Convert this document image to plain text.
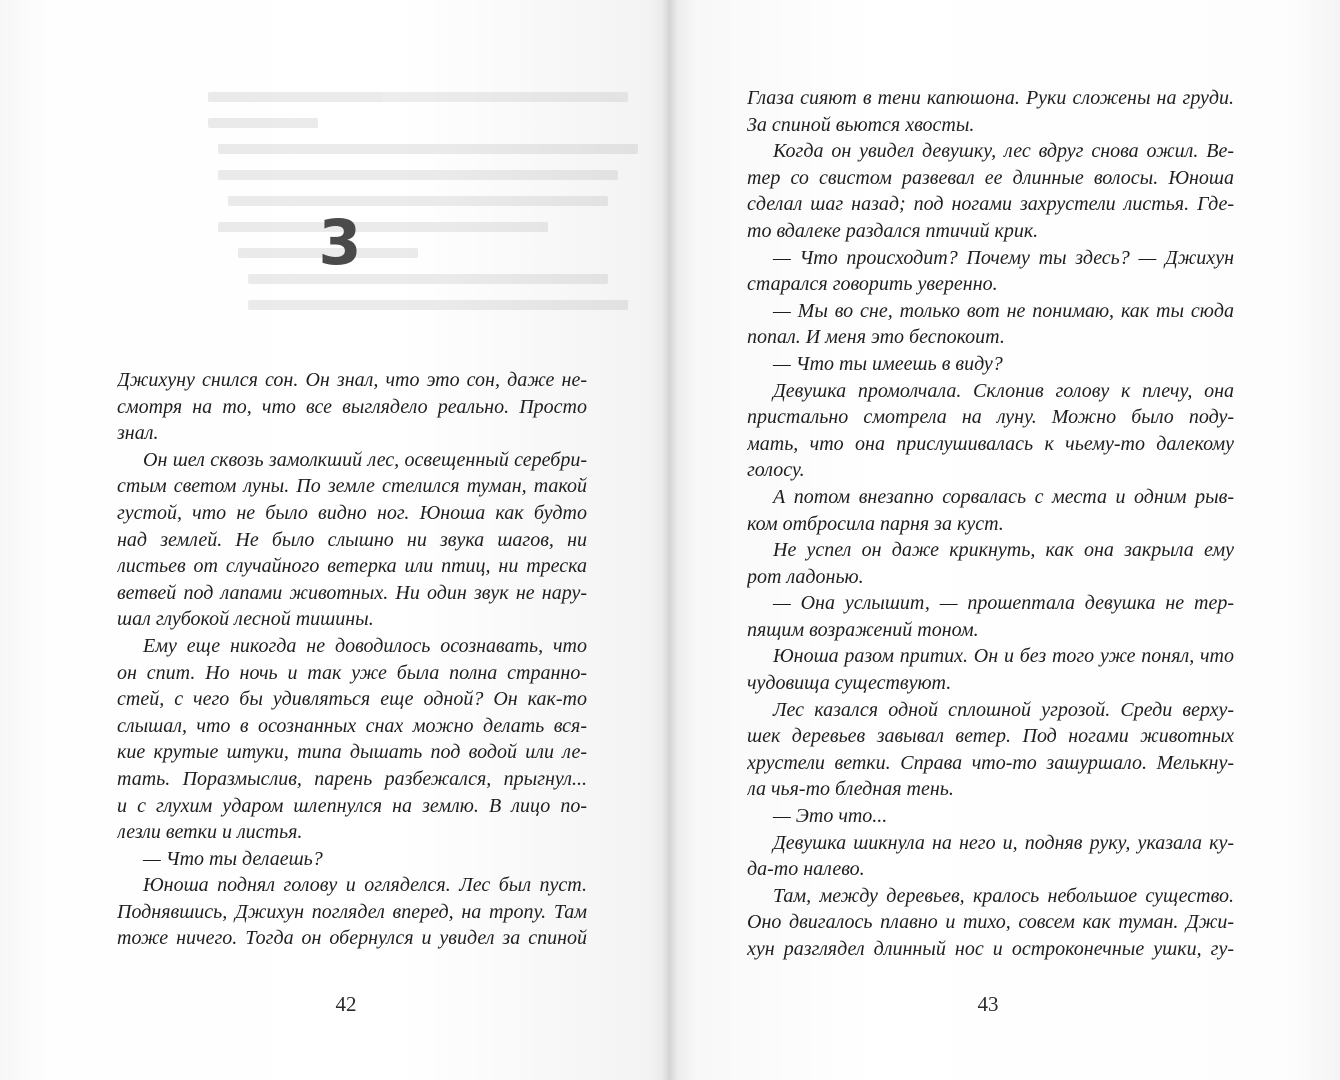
3
Джихуну снился сон. Он знал, что это сон, даже не-
смотря на то, что все выглядело реально. Просто
знал.
Он шел сквозь замолкший лес, освещенный серебри-
стым светом луны. По земле стелился туман, такой
густой, что не было видно ног. Юноша как будто
над землей. Не было слышно ни звука шагов, ни
листьев от случайного ветерка или птиц, ни треска
ветвей под лапами животных. Ни один звук не нару-
шал глубокой лесной тишины.
Ему еще никогда не доводилось осознавать, что
он спит. Но ночь и так уже была полна странно-
стей, с чего бы удивляться еще одной? Он как-то
слышал, что в осознанных снах можно делать вся-
кие крутые штуки, типа дышать под водой или ле-
тать. Поразмыслив, парень разбежался, прыгнул...
и с глухим ударом шлепнулся на землю. В лицо по-
лезли ветки и листья.
— Что ты делаешь?
Юноша поднял голову и огляделся. Лес был пуст.
Поднявшись, Джихун поглядел вперед, на тропу. Там
тоже ничего. Тогда он обернулся и увидел за спиной
42
Глаза сияют в тени капюшона. Руки сложены на груди.
За спиной вьются хвосты.
Когда он увидел девушку, лес вдруг снова ожил. Ве-
тер со свистом развевал ее длинные волосы. Юноша
сделал шаг назад; под ногами захрустели листья. Где-
то вдалеке раздался птичий крик.
— Что происходит? Почему ты здесь? — Джихун
старался говорить уверенно.
— Мы во сне, только вот не понимаю, как ты сюда
попал. И меня это беспокоит.
— Что ты имеешь в виду?
Девушка промолчала. Склонив голову к плечу, она
пристально смотрела на луну. Можно было поду-
мать, что она прислушивалась к чьему-то далекому
голосу.
А потом внезапно сорвалась с места и одним рыв-
ком отбросила парня за куст.
Не успел он даже крикнуть, как она закрыла ему
рот ладонью.
— Она услышит, — прошептала девушка не тер-
пящим возражений тоном.
Юноша разом притих. Он и без того уже понял, что
чудовища существуют.
Лес казался одной сплошной угрозой. Среди верху-
шек деревьев завывал ветер. Под ногами животных
хрустели ветки. Справа что-то зашуршало. Мелькну-
ла чья-то бледная тень.
— Это что...
Девушка шикнула на него и, подняв руку, указала ку-
да-то налево.
Там, между деревьев, кралось небольшое существо.
Оно двигалось плавно и тихо, совсем как туман. Джи-
хун разглядел длинный нос и остроконечные ушки, гу-
43
